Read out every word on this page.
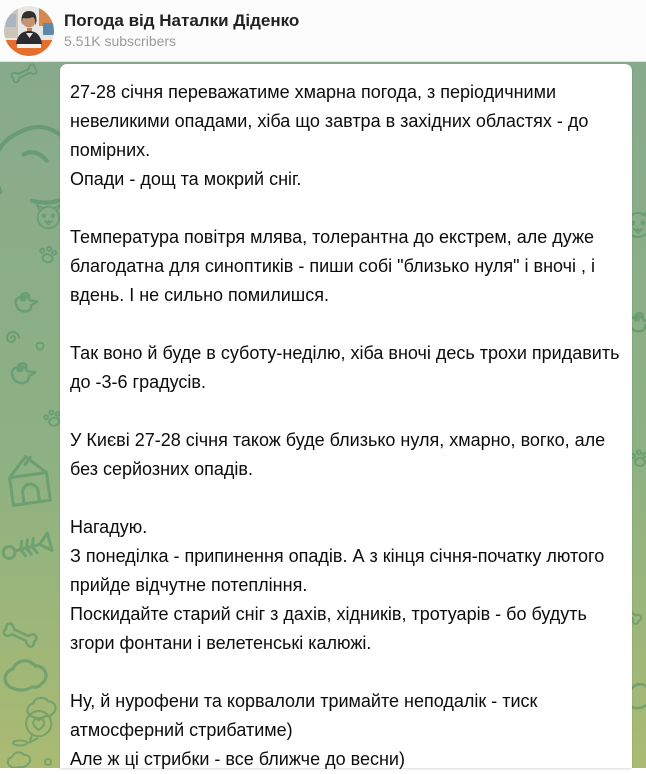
Погода від Наталки Діденко
5.51K subscribers
27-28 січня переважатиме хмарна погода, з періодичними невеликими опадами, хіба що завтра в західних областях - до помірних.
Опади - дощ та мокрий сніг.
Температура повітря млява, толерантна до екстрем, але дуже благодатна для синоптиків - пиши собі "близько нуля" і вночі , і вдень. І не сильно помилишся.
Так воно й буде в суботу-неділю, хіба вночі десь трохи придавить до -3-6 градусів.
У Києві 27-28 січня також буде близько нуля, хмарно, вогко, але без серйозних опадів.
Нагадую.
З понеділка - припинення опадів. А з кінця січня-початку лютого прийде відчутне потепління.
Поскидайте старий сніг з дахів, хідників, тротуарів - бо будуть згори фонтани і велетенські калюжі.
Ну, й нурофени та корвалоли тримайте неподалік - тиск атмосферний стрибатиме)
Але ж ці стрибки - все ближче до весни)
